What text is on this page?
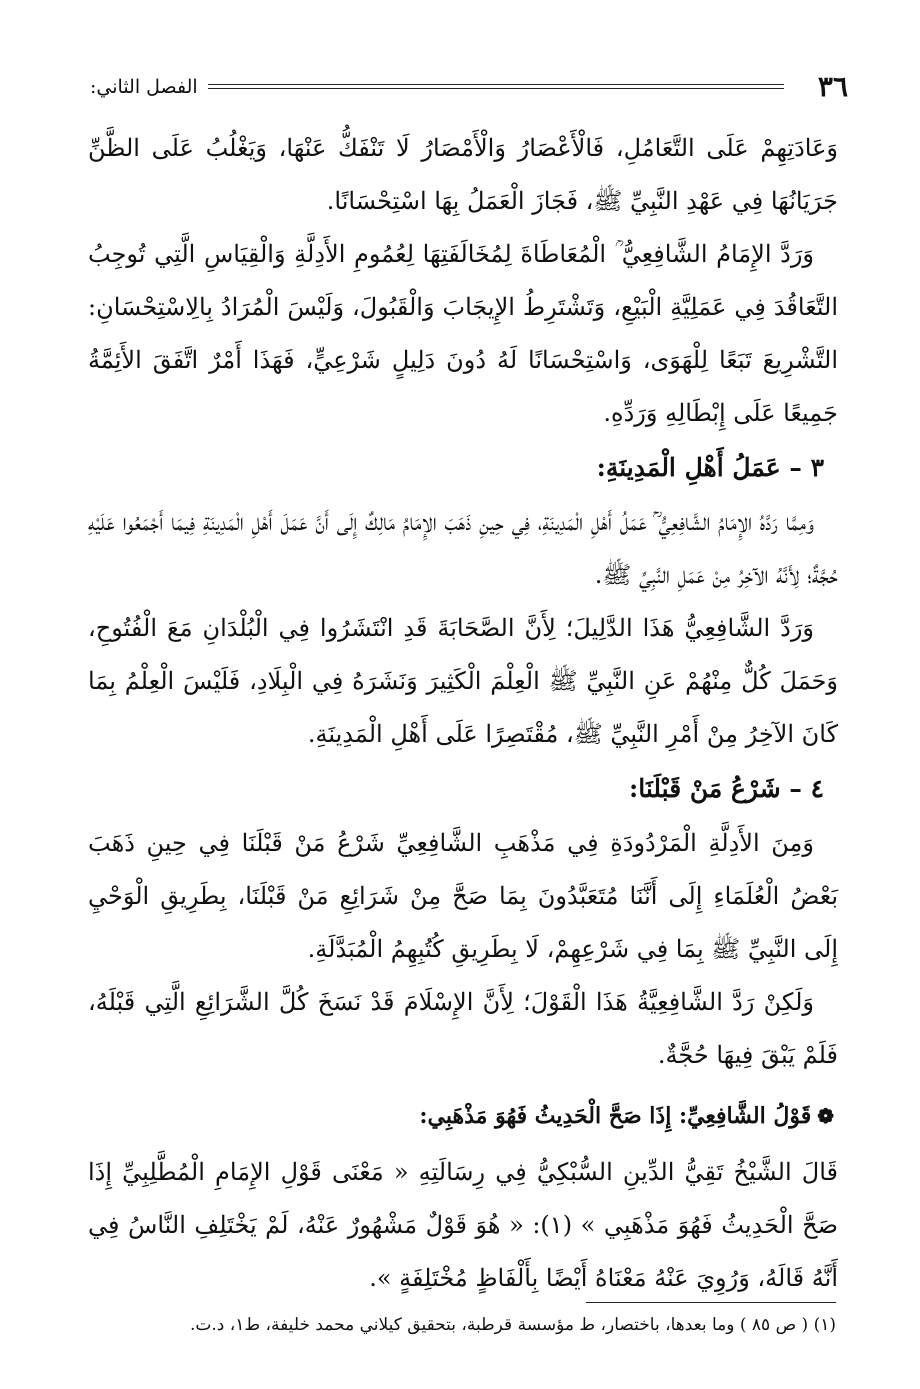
٣٦
الفصل الثاني:

وَعَادَتِهِمْ عَلَى التَّعَامُلِ، فَالْأَعْصَارُ وَالْأَمْصَارُ لَا تَنْفَكُّ عَنْهَا، وَيَغْلُبُ عَلَى الظَّنِّ جَرَيَانُهَا فِي عَهْدِ النَّبِيِّ ﷺ، فَجَازَ الْعَمَلُ بِهَا اسْتِحْسَانًا.

وَرَدَّ الإِمَامُ الشَّافِعِيُّ ؒ الْمُعَاطَاةَ لِمُخَالَفَتِهَا لِعُمُومِ الأَدِلَّةِ وَالْقِيَاسِ الَّتِي تُوجِبُ التَّعَاقُدَ فِي عَمَلِيَّةِ الْبَيْعِ، وَتَشْتَرِطُ الإِيجَابَ وَالْقَبُولَ، وَلَيْسَ الْمُرَادُ بِالِاسْتِحْسَانِ: التَّشْرِيعَ تَبَعًا لِلْهَوَى، وَاسْتِحْسَانًا لَهُ دُونَ دَلِيلٍ شَرْعِيٍّ، فَهَذَا أَمْرٌ اتَّفَقَ الأَئِمَّةُ جَمِيعًا عَلَى إِبْطَالِهِ وَرَدِّهِ.

٣ – عَمَلُ أَهْلِ الْمَدِينَةِ:

وَمِمَّا رَدَّهُ الإِمَامُ الشَّافِعِيُّ ؒ عَمَلُ أَهْلِ الْمَدِينَةِ، فِي حِينِ ذَهَبَ الإِمَامُ مَالِكٌ إِلَى أَنَّ عَمَلَ أَهْلِ الْمَدِينَةِ فِيمَا أَجْمَعُوا عَلَيْهِ حُجَّةٌ؛ لِأَنَّهُ الآخِرُ مِنْ عَمَلِ النَّبِيِّ ﷺ.

وَرَدَّ الشَّافِعِيُّ هَذَا الدَّلِيلَ؛ لِأَنَّ الصَّحَابَةَ قَدِ انْتَشَرُوا فِي الْبُلْدَانِ مَعَ الْفُتُوحِ، وَحَمَلَ كُلٌّ مِنْهُمْ عَنِ النَّبِيِّ ﷺ الْعِلْمَ الْكَثِيرَ وَنَشَرَهُ فِي الْبِلَادِ، فَلَيْسَ الْعِلْمُ بِمَا كَانَ الآخِرُ مِنْ أَمْرِ النَّبِيِّ ﷺ، مُقْتَصِرًا عَلَى أَهْلِ الْمَدِينَةِ.

٤ – شَرْعُ مَنْ قَبْلَنَا:

وَمِنَ الأَدِلَّةِ الْمَرْدُودَةِ فِي مَذْهَبِ الشَّافِعِيِّ شَرْعُ مَنْ قَبْلَنَا فِي حِينِ ذَهَبَ بَعْضُ الْعُلَمَاءِ إِلَى أَنَّنَا مُتَعَبَّدُونَ بِمَا صَحَّ مِنْ شَرَائِعِ مَنْ قَبْلَنَا، بِطَرِيقِ الْوَحْيِ إِلَى النَّبِيِّ ﷺ بِمَا فِي شَرْعِهِمْ، لَا بِطَرِيقِ كُتُبِهِمُ الْمُبَدَّلَةِ.

وَلَكِنْ رَدَّ الشَّافِعِيَّةُ هَذَا الْقَوْلَ؛ لِأَنَّ الإِسْلَامَ قَدْ نَسَخَ كُلَّ الشَّرَائِعِ الَّتِي قَبْلَهُ، فَلَمْ يَبْقَ فِيهَا حُجَّةٌ.

❁قَوْلُ الشَّافِعِيِّ: إِذَا صَحَّ الْحَدِيثُ فَهُوَ مَذْهَبِي:

قَالَ الشَّيْخُ تَقِيُّ الدِّينِ السُّبْكِيُّ فِي رِسَالَتِهِ « مَعْنَى قَوْلِ الإِمَامِ الْمُطَّلِبِيِّ إِذَا صَحَّ الْحَدِيثُ فَهُوَ مَذْهَبِي » (١): « هُوَ قَوْلٌ مَشْهُورٌ عَنْهُ، لَمْ يَخْتَلِفِ النَّاسُ فِي أَنَّهُ قَالَهُ، وَرُوِيَ عَنْهُ مَعْنَاهُ أَيْضًا بِأَلْفَاظٍ مُخْتَلِفَةٍ ».

(١) ( ص ٨٥ ) وما بعدها، باختصار، ط مؤسسة قرطبة، بتحقيق كيلاني محمد خليفة، ط١، د.ت.
